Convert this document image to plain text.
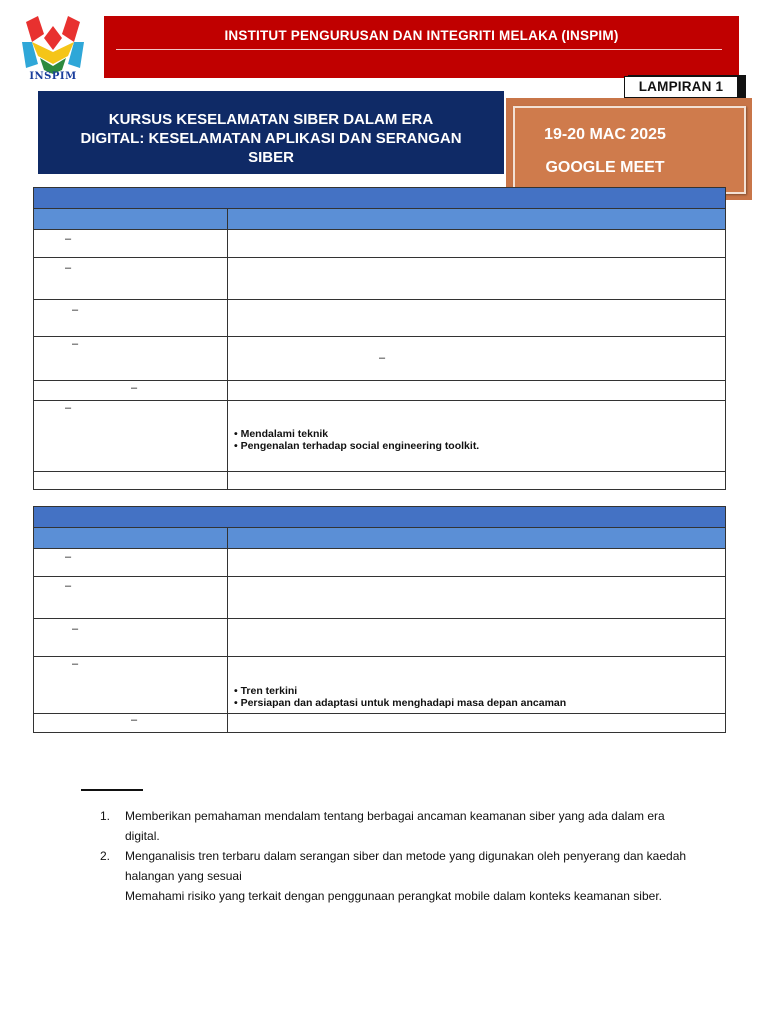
INSPIM
INSTITUT PENGURUSAN DAN INTEGRITI MELAKA (INSPIM)
LAMPIRAN 1
KURSUS KESELAMATAN SIBER DALAM ERA
DIGITAL: KESELAMATAN APLIKASI DAN SERANGAN
SIBER
19-20 MAC 2025
GOOGLE MEET

–	

–	

–	

–	–

–	

–	• Mendalami teknik
• Pengenalan terhadap social engineering toolkit.

–	

–	

–	

–	• Tren terkini
• Persiapan dan adaptasi untuk menghadapi masa depan ancaman

–	

1.	Memberikan pemahaman mendalam tentang berbagai ancaman keamanan siber yang ada dalam era digital.
2.	Menganalisis tren terbaru dalam serangan siber dan metode yang digunakan oleh penyerang dan kaedah halangan yang sesuai
Memahami risiko yang terkait dengan penggunaan perangkat mobile dalam konteks keamanan siber.
